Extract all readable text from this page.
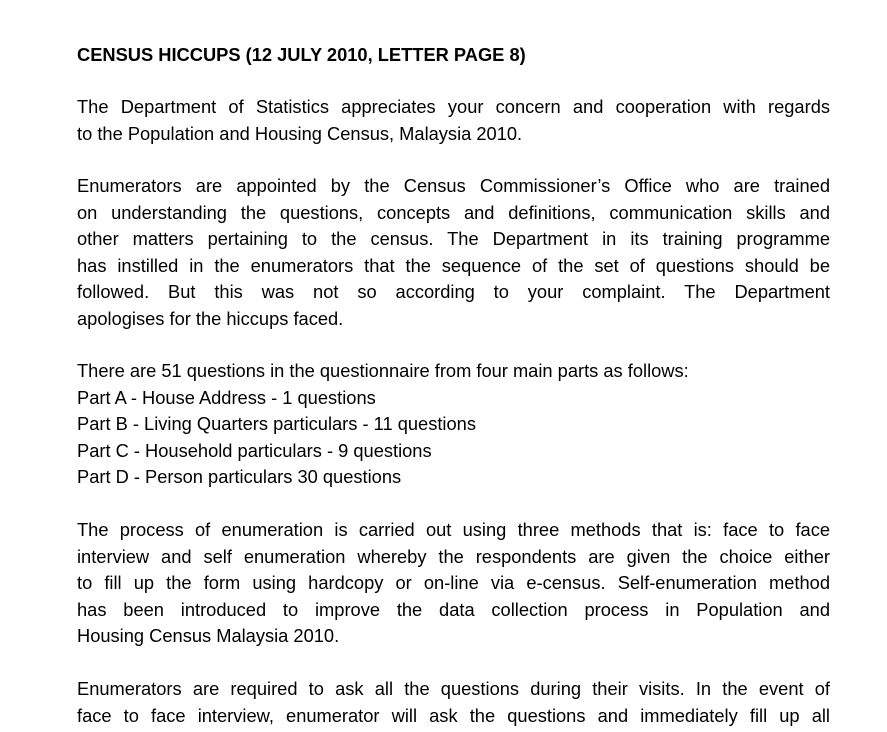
CENSUS HICCUPS (12 JULY 2010, LETTER PAGE 8)

The Department of Statistics appreciates your concern and cooperation with regards
to the Population and Housing Census, Malaysia 2010.

Enumerators are appointed by the Census Commissioner’s Office who are trained
on understanding the questions, concepts and definitions, communication skills and
other matters pertaining to the census. The Department in its training programme
has instilled in the enumerators that the sequence of the set of questions should be
followed. But this was not so according to your complaint. The Department
apologises for the hiccups faced.

There are 51 questions in the questionnaire from four main parts as follows:
Part A - House Address - 1 questions
Part B - Living Quarters particulars - 11 questions
Part C - Household particulars - 9 questions
Part D - Person particulars 30 questions

The process of enumeration is carried out using three methods that is: face to face
interview and self enumeration whereby the respondents are given the choice either
to fill up the form using hardcopy or on-line via e-census. Self-enumeration method
has been introduced to improve the data collection process in Population and
Housing Census Malaysia 2010.

Enumerators are required to ask all the questions during their visits. In the event of
face to face interview, enumerator will ask the questions and immediately fill up all
